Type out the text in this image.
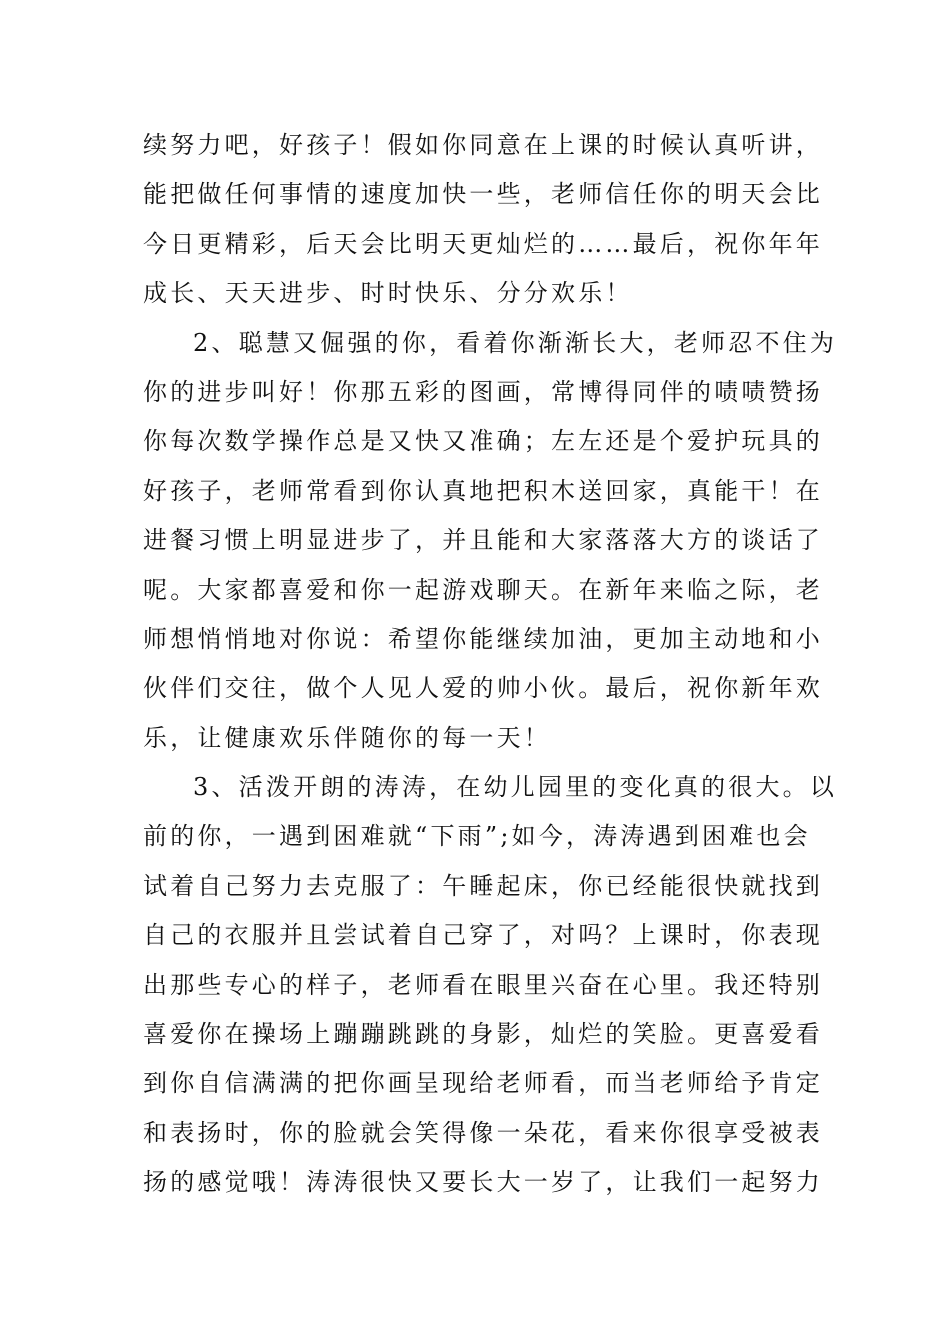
续努力吧，好孩子！假如你同意在上课的时候认真听讲，
能把做任何事情的速度加快一些，老师信任你的明天会比
今日更精彩，后天会比明天更灿烂的……最后，祝你年年
成长、天天进步、时时快乐、分分欢乐！
2、聪慧又倔强的你，看着你渐渐长大，老师忍不住为
你的进步叫好！你那五彩的图画，常博得同伴的啧啧赞扬
你每次数学操作总是又快又准确；左左还是个爱护玩具的
好孩子，老师常看到你认真地把积木送回家，真能干！在
进餐习惯上明显进步了，并且能和大家落落大方的谈话了
呢。大家都喜爱和你一起游戏聊天。在新年来临之际，老
师想悄悄地对你说：希望你能继续加油，更加主动地和小
伙伴们交往，做个人见人爱的帅小伙。最后，祝你新年欢
乐，让健康欢乐伴随你的每一天！
3、活泼开朗的涛涛，在幼儿园里的变化真的很大。以
前的你，一遇到困难就“下雨”;如今，涛涛遇到困难也会
试着自己努力去克服了：午睡起床，你已经能很快就找到
自己的衣服并且尝试着自己穿了，对吗？上课时，你表现
出那些专心的样子，老师看在眼里兴奋在心里。我还特别
喜爱你在操场上蹦蹦跳跳的身影，灿烂的笑脸。更喜爱看
到你自信满满的把你画呈现给老师看，而当老师给予肯定
和表扬时，你的脸就会笑得像一朵花，看来你很享受被表
扬的感觉哦！涛涛很快又要长大一岁了，让我们一起努力
